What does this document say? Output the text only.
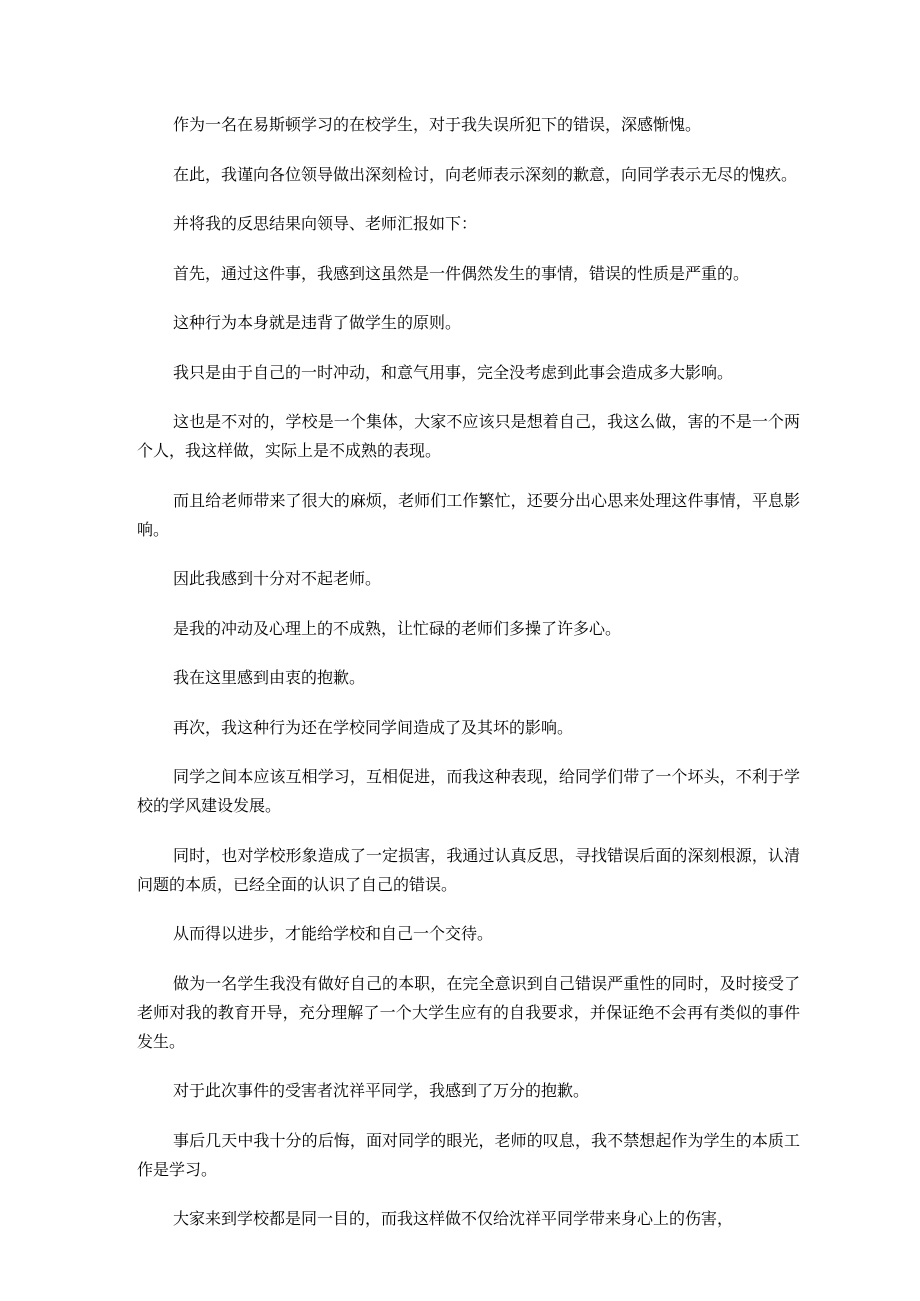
作为一名在易斯顿学习的在校学生，对于我失误所犯下的错误，深感惭愧。

在此，我谨向各位领导做出深刻检讨，向老师表示深刻的歉意，向同学表示无尽的愧疚。

并将我的反思结果向领导、老师汇报如下：

首先，通过这件事，我感到这虽然是一件偶然发生的事情，错误的性质是严重的。

这种行为本身就是违背了做学生的原则。

我只是由于自己的一时冲动，和意气用事，完全没考虑到此事会造成多大影响。

这也是不对的，学校是一个集体，大家不应该只是想着自己，我这么做，害的不是一个两个人，我这样做，实际上是不成熟的表现。

而且给老师带来了很大的麻烦，老师们工作繁忙，还要分出心思来处理这件事情，平息影响。

因此我感到十分对不起老师。

是我的冲动及心理上的不成熟，让忙碌的老师们多操了许多心。

我在这里感到由衷的抱歉。

再次，我这种行为还在学校同学间造成了及其坏的影响。

同学之间本应该互相学习，互相促进，而我这种表现，给同学们带了一个坏头，不利于学校的学风建设发展。

同时，也对学校形象造成了一定损害，我通过认真反思，寻找错误后面的深刻根源，认清问题的本质，已经全面的认识了自己的错误。

从而得以进步，才能给学校和自己一个交待。

做为一名学生我没有做好自己的本职，在完全意识到自己错误严重性的同时，及时接受了老师对我的教育开导，充分理解了一个大学生应有的自我要求，并保证绝不会再有类似的事件发生。

对于此次事件的受害者沈祥平同学，我感到了万分的抱歉。

事后几天中我十分的后悔，面对同学的眼光，老师的叹息，我不禁想起作为学生的本质工作是学习。

大家来到学校都是同一目的，而我这样做不仅给沈祥平同学带来身心上的伤害，
